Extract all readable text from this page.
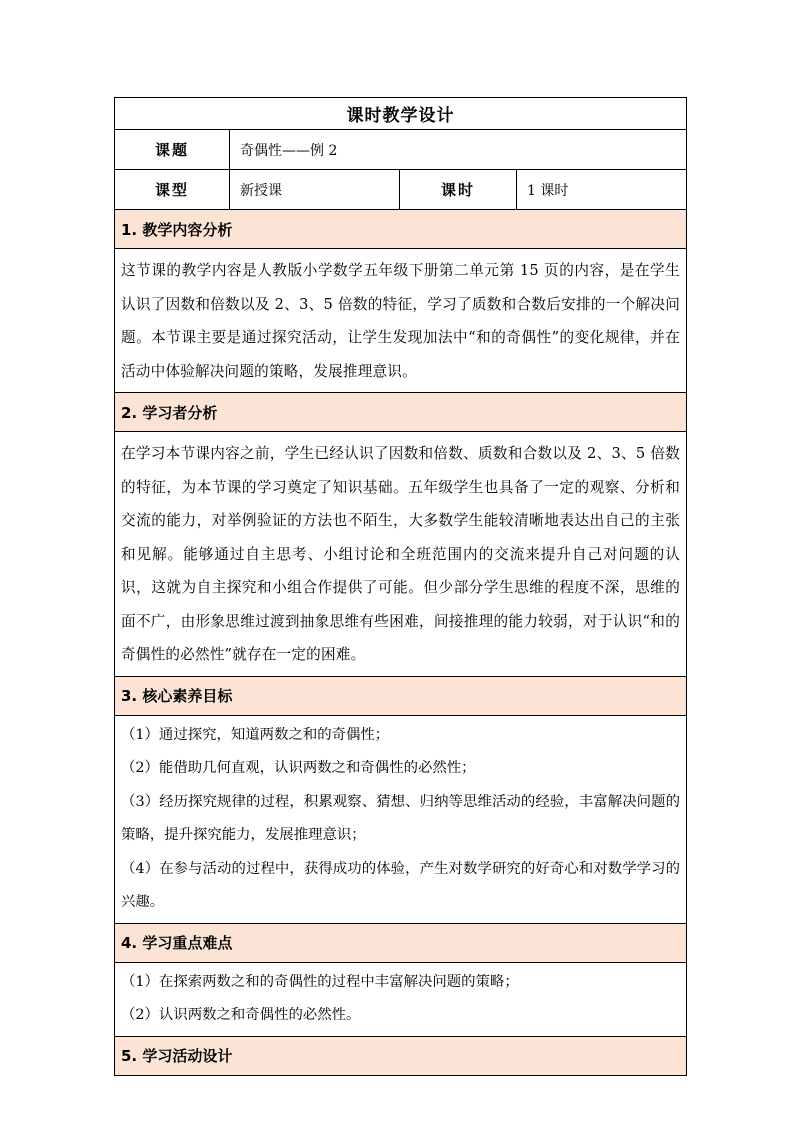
课时教学设计			
课题	奇偶性——例 2		
课型	新授课	课时	1 课时
1. 教学内容分析			
这节课的教学内容是人教版小学数学五年级下册第二单元第 15 页的内容，是在学生认识了因数和倍数以及 2、3、5 倍数的特征，学习了质数和合数后安排的一个解决问题。本节课主要是通过探究活动，让学生发现加法中“和的奇偶性”的变化规律，并在活动中体验解决问题的策略，发展推理意识。			
2. 学习者分析			
在学习本节课内容之前，学生已经认识了因数和倍数、质数和合数以及 2、3、5 倍数的特征，为本节课的学习奠定了知识基础。五年级学生也具备了一定的观察、分析和交流的能力，对举例验证的方法也不陌生，大多数学生能较清晰地表达出自己的主张和见解。能够通过自主思考、小组讨论和全班范围内的交流来提升自己对问题的认识，这就为自主探究和小组合作提供了可能。但少部分学生思维的程度不深，思维的面不广，由形象思维过渡到抽象思维有些困难，间接推理的能力较弱，对于认识“和的奇偶性的必然性”就存在一定的困难。			
3. 核心素养目标			

（1）通过探究，知道两数之和的奇偶性；

（2）能借助几何直观，认识两数之和奇偶性的必然性；

（3）经历探究规律的过程，积累观察、猜想、归纳等思维活动的经验，丰富解决问题的策略，提升探究能力，发展推理意识；

（4）在参与活动的过程中，获得成功的体验，产生对数学研究的好奇心和对数学学习的兴趣。			

4. 学习重点难点			

（1）在探索两数之和的奇偶性的过程中丰富解决问题的策略；

（2）认识两数之和奇偶性的必然性。			

5. 学习活动设计			
